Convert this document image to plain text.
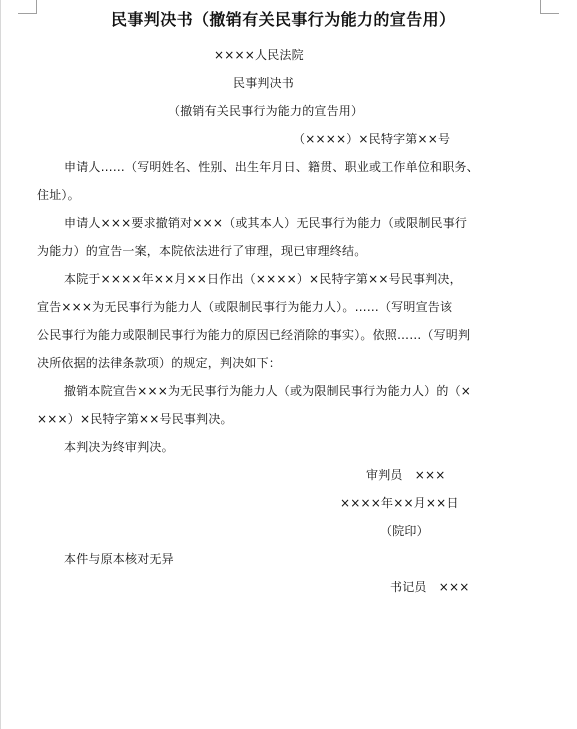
民事判决书（撤销有关民事行为能力的宣告用）
××××人民法院
民事判决书
（撤销有关民事行为能力的宣告用）
（××××）×民特字第××号
申请人……（写明姓名、性别、出生年月日、籍贯、职业或工作单位和职务、
住址）。
申请人×××要求撤销对×××（或其本人）无民事行为能力（或限制民事行
为能力）的宣告一案，本院依法进行了审理，现已审理终结。
本院于××××年××月××日作出（××××）×民特字第××号民事判决，
宣告×××为无民事行为能力人（或限制民事行为能力人）。……（写明宣告该
公民事行为能力或限制民事行为能力的原因已经消除的事实）。依照……（写明判
决所依据的法律条款项）的规定，判决如下：
撤销本院宣告×××为无民事行为能力人（或为限制民事行为能力人）的（×
×××）×民特字第××号民事判决。
本判决为终审判决。
审判员　×××
××××年××月××日
（院印）
本件与原本核对无异
书记员　×××
